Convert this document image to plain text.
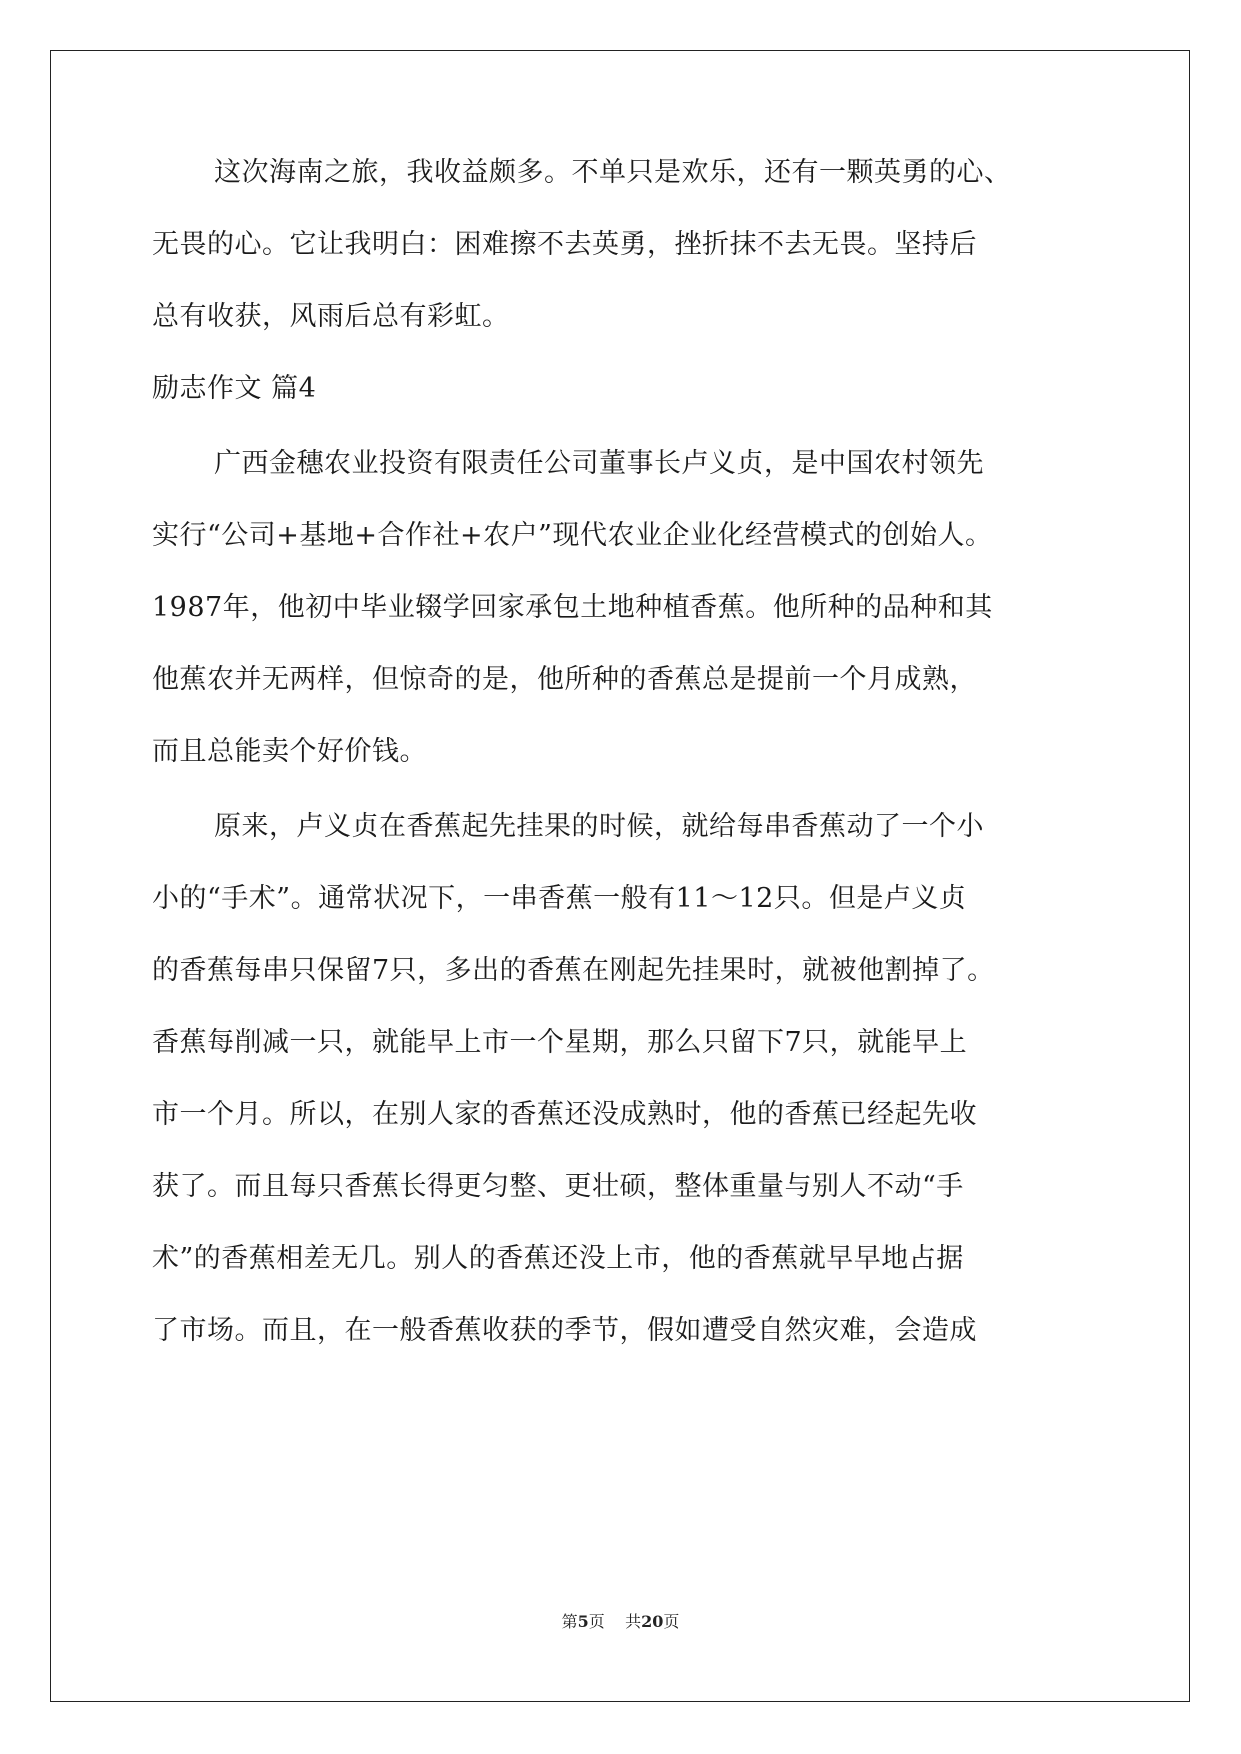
这次海南之旅，我收益颇多。不单只是欢乐，还有一颗英勇的心、
无畏的心。它让我明白：困难擦不去英勇，挫折抹不去无畏。坚持后
总有收获，风雨后总有彩虹。
励志作文 篇4
广西金穗农业投资有限责任公司董事长卢义贞，是中国农村领先
实行“公司+基地+合作社+农户”现代农业企业化经营模式的创始人。
1987年，他初中毕业辍学回家承包土地种植香蕉。他所种的品种和其
他蕉农并无两样，但惊奇的是，他所种的香蕉总是提前一个月成熟，
而且总能卖个好价钱。
原来，卢义贞在香蕉起先挂果的时候，就给每串香蕉动了一个小
小的“手术”。通常状况下，一串香蕉一般有11～12只。但是卢义贞
的香蕉每串只保留7只，多出的香蕉在刚起先挂果时，就被他割掉了。
香蕉每削减一只，就能早上市一个星期，那么只留下7只，就能早上
市一个月。所以，在别人家的香蕉还没成熟时，他的香蕉已经起先收
获了。而且每只香蕉长得更匀整、更壮硕，整体重量与别人不动“手
术”的香蕉相差无几。别人的香蕉还没上市，他的香蕉就早早地占据
了市场。而且，在一般香蕉收获的季节，假如遭受自然灾难，会造成
第5页    共20页
